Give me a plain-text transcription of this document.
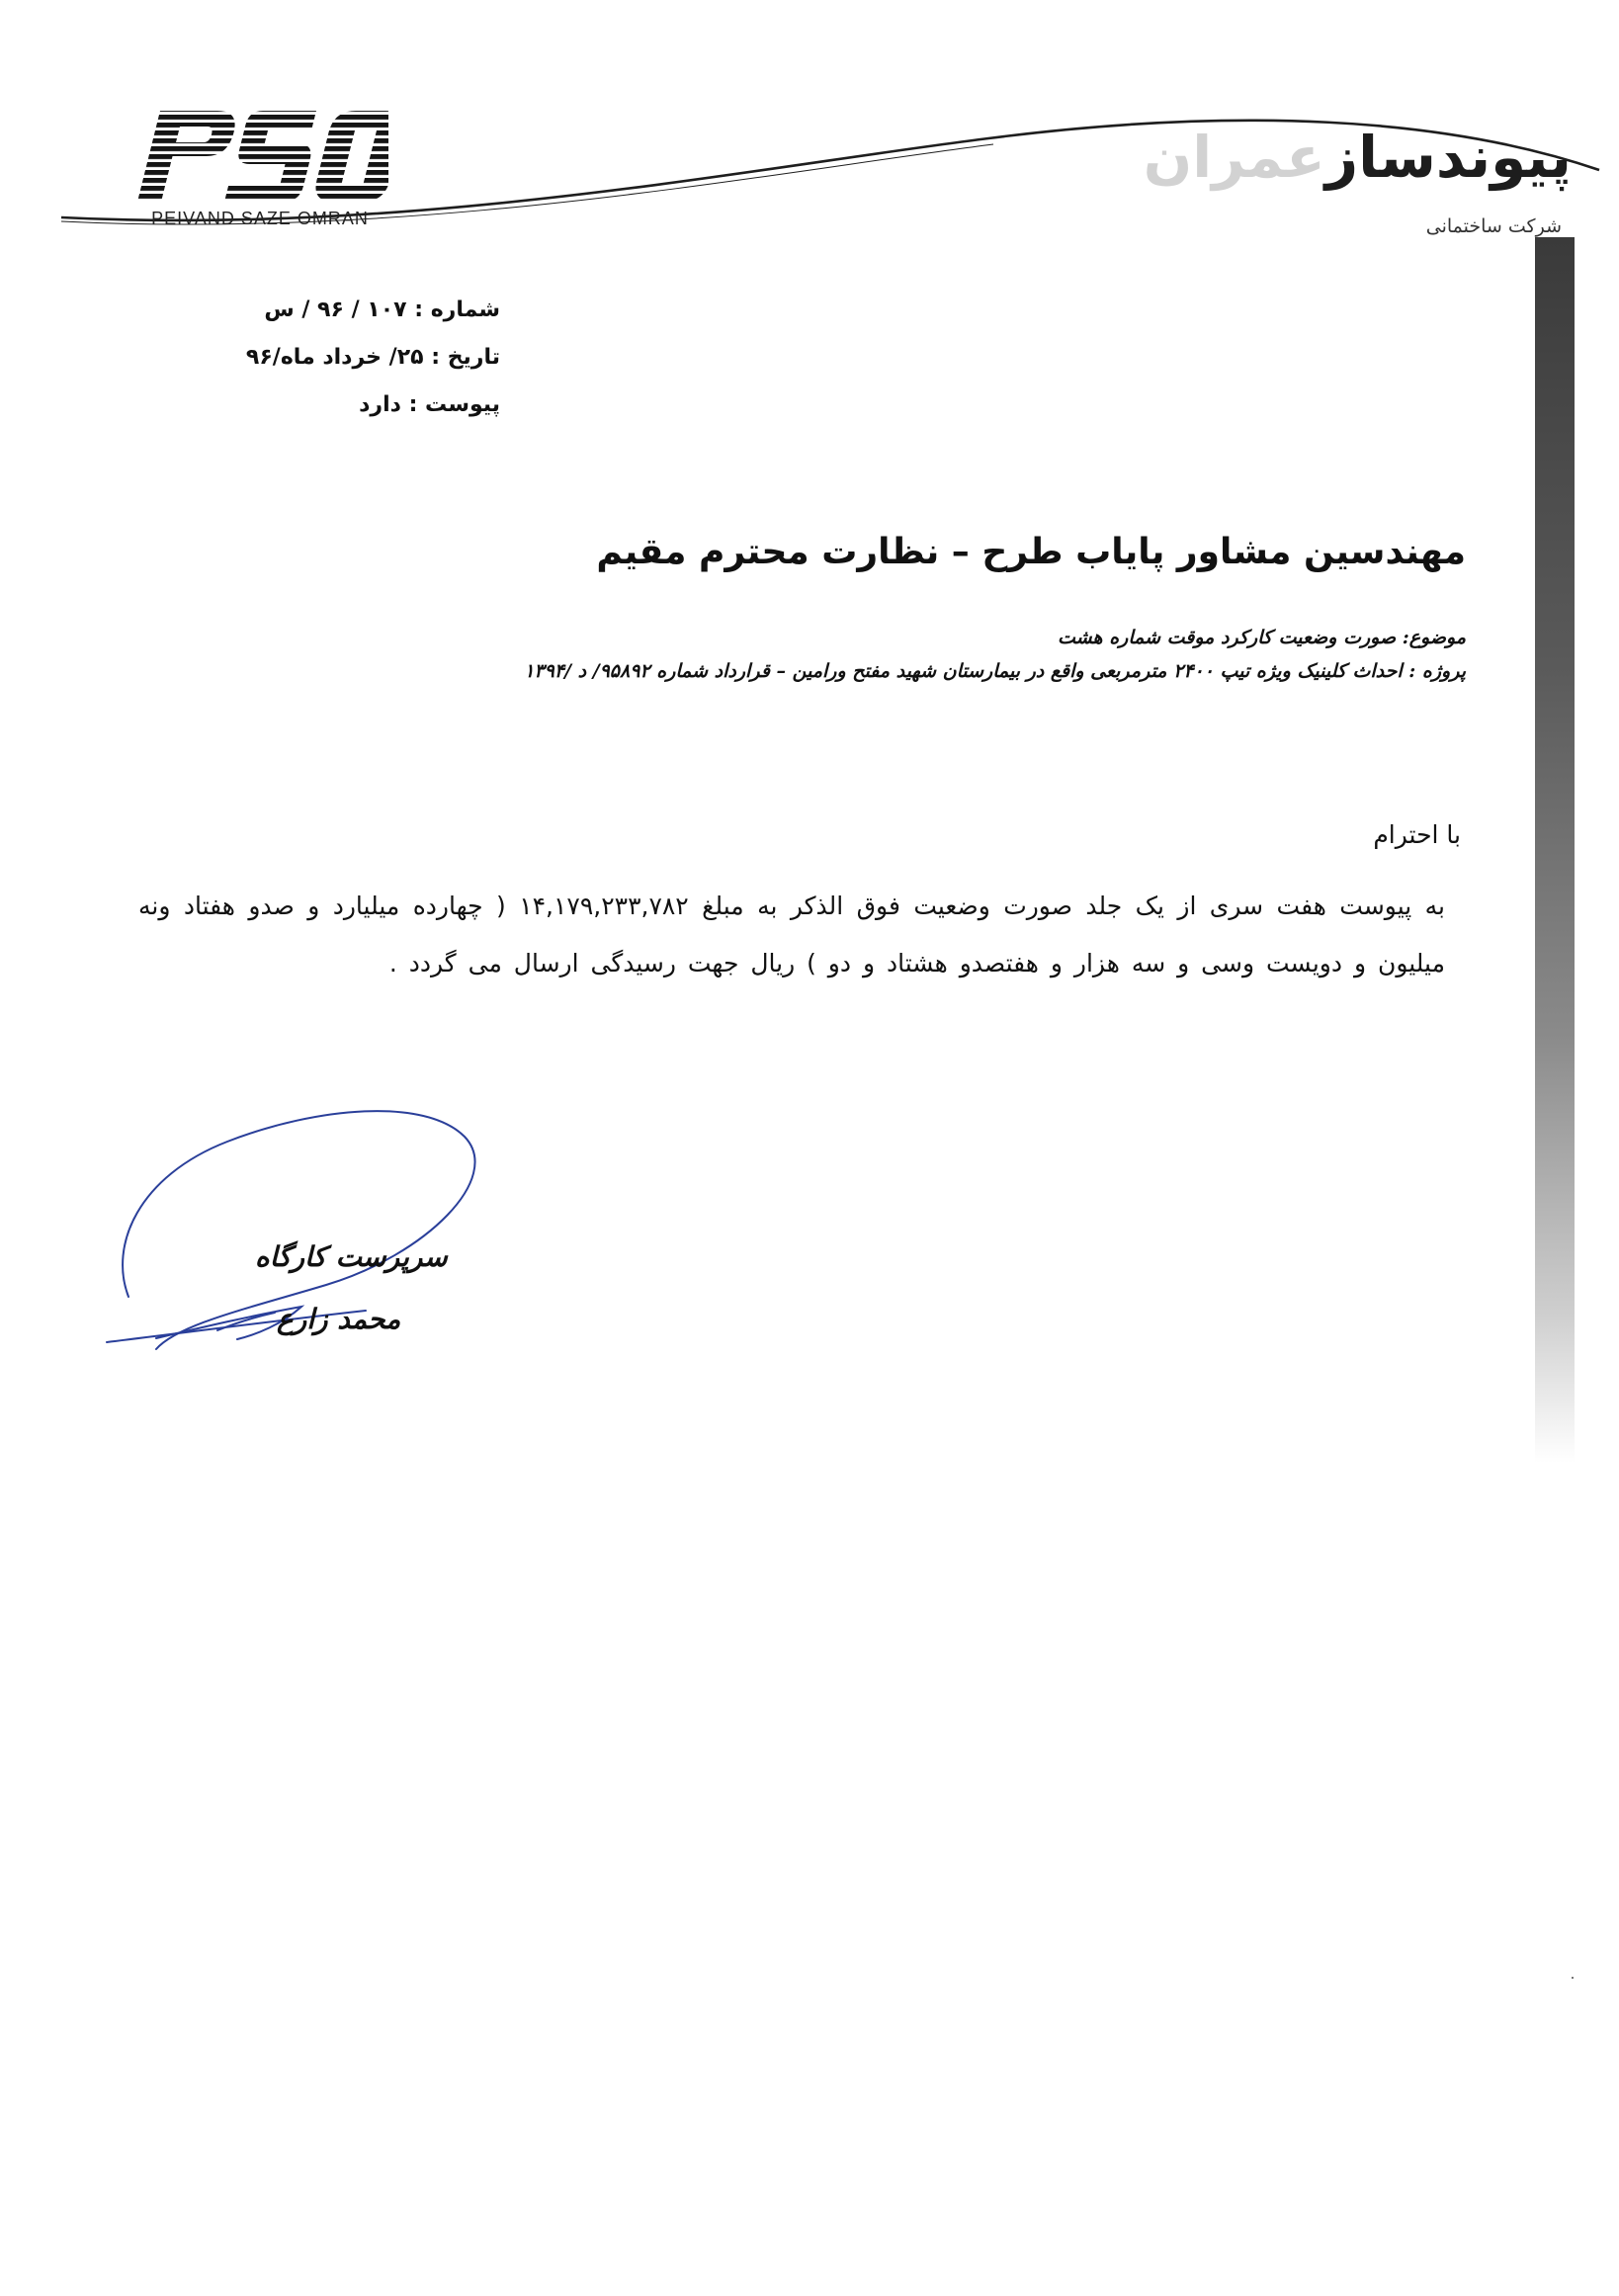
PEIVAND SAZE OMRAN
پیوندسازعمران
شرکت ساختمانی
شماره : ۱۰۷ / ۹۶ / س
تاریخ : ۲۵/ خرداد ماه/۹۶
پیوست : دارد
مهندسین مشاور پایاب طرح – نظارت محترم مقیم
موضوع: صورت وضعیت کارکرد موقت شماره هشت
پروژه : احداث کلینیک ویژه تیپ ۲۴۰۰ مترمربعی واقع در بیمارستان شهید مفتح ورامین – قرارداد شماره ۹۵۸۹۲/ د /۱۳۹۴
با احترام
به پیوست هفت سری از یک جلد صورت وضعیت فوق الذکر به مبلغ ۱۴,۱۷۹,۲۳۳,۷۸۲ ( چهارده میلیارد و صدو هفتاد ونه میلیون و دویست وسی و سه هزار و هفتصدو هشتاد و دو ) ریال جهت رسیدگی ارسال می گردد .
سرپرست کارگاه
محمد زارع
